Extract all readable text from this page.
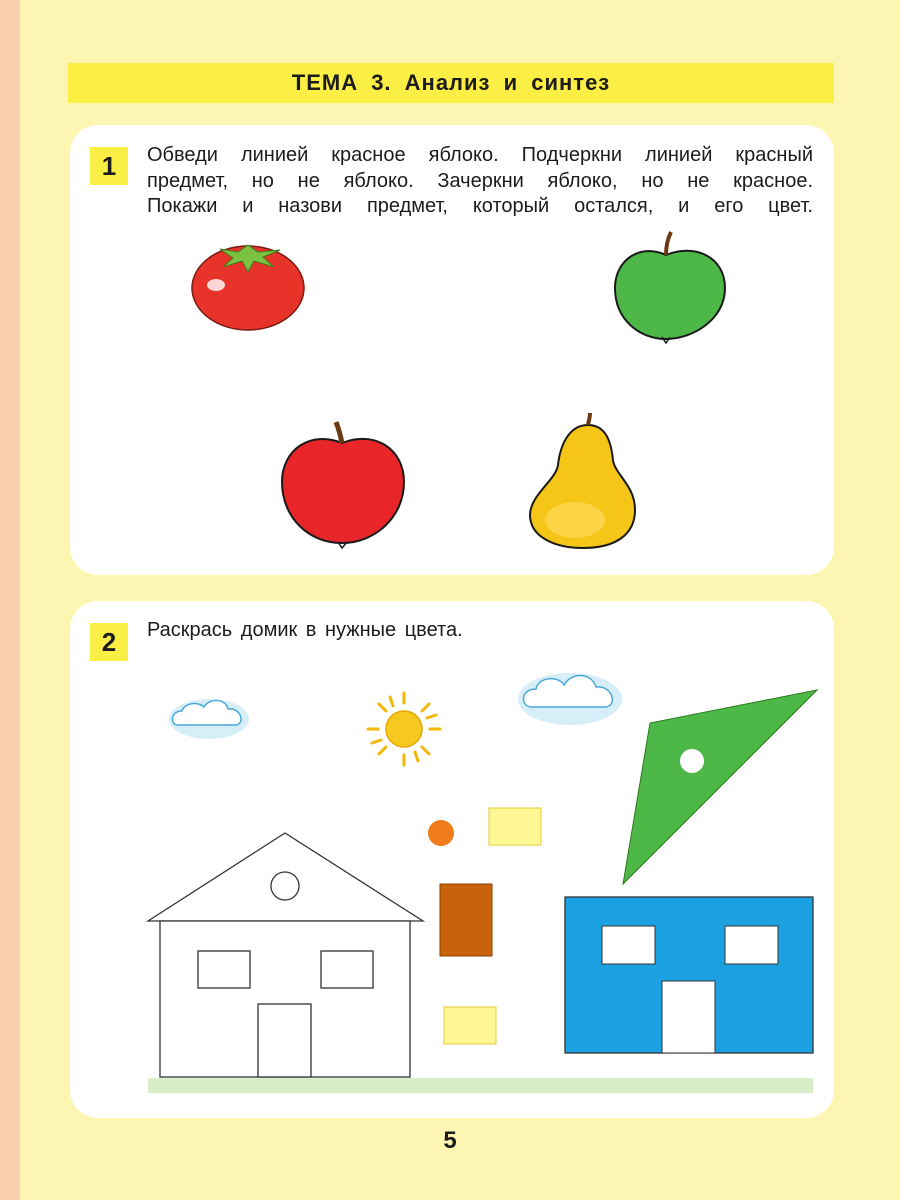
ТЕМА 3. Анализ и синтез
1	Обведи линией красное яблоко. Подчеркни линией красный
предмет, но не яблоко. Зачеркни яблоко, но не красное.
Покажи и назови предмет, который остался, и его цвет.
2	Раскрась домик в нужные цвета.
5
